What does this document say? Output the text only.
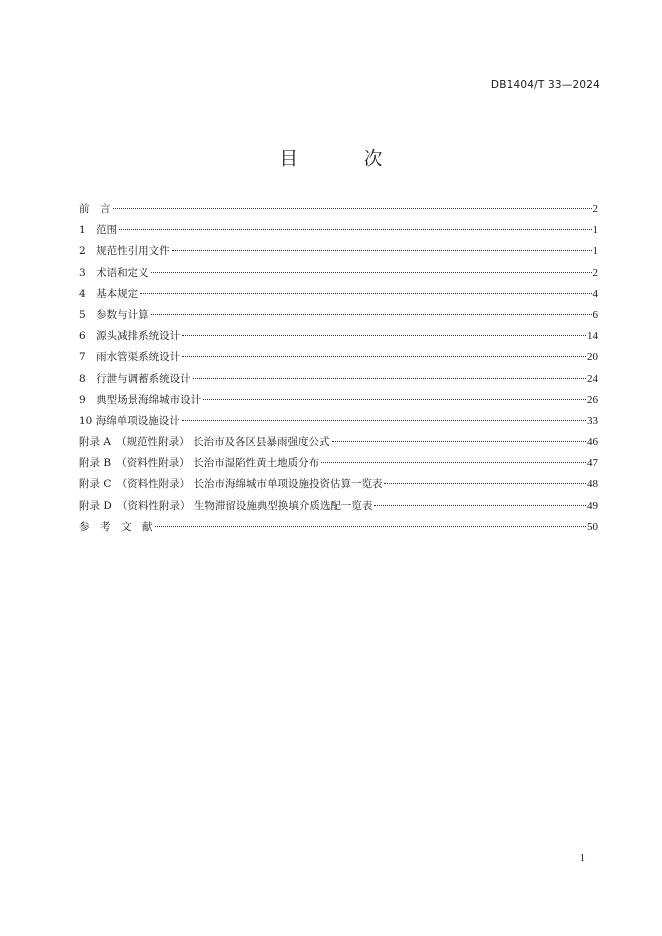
DB1404/T 33—2024
目 次
前　言	2
1　范围	1
2　规范性引用文件	1
3　术语和定义	2
4　基本规定	4
5　参数与计算	6
6　源头减排系统设计	14
7　雨水管渠系统设计	20
8　行泄与调蓄系统设计	24
9　典型场景海绵城市设计	26
10 海绵单项设施设计	33
附录 A　（规范性附录） 长治市及各区县暴雨强度公式	46
附录 B　（资料性附录） 长治市湿陷性黄土地质分布	47
附录 C　（资料性附录） 长治市海绵城市单项设施投资估算一览表	48
附录 D　（资料性附录） 生物滞留设施典型换填介质选配一览表	49
参　考　文　献	50
1
